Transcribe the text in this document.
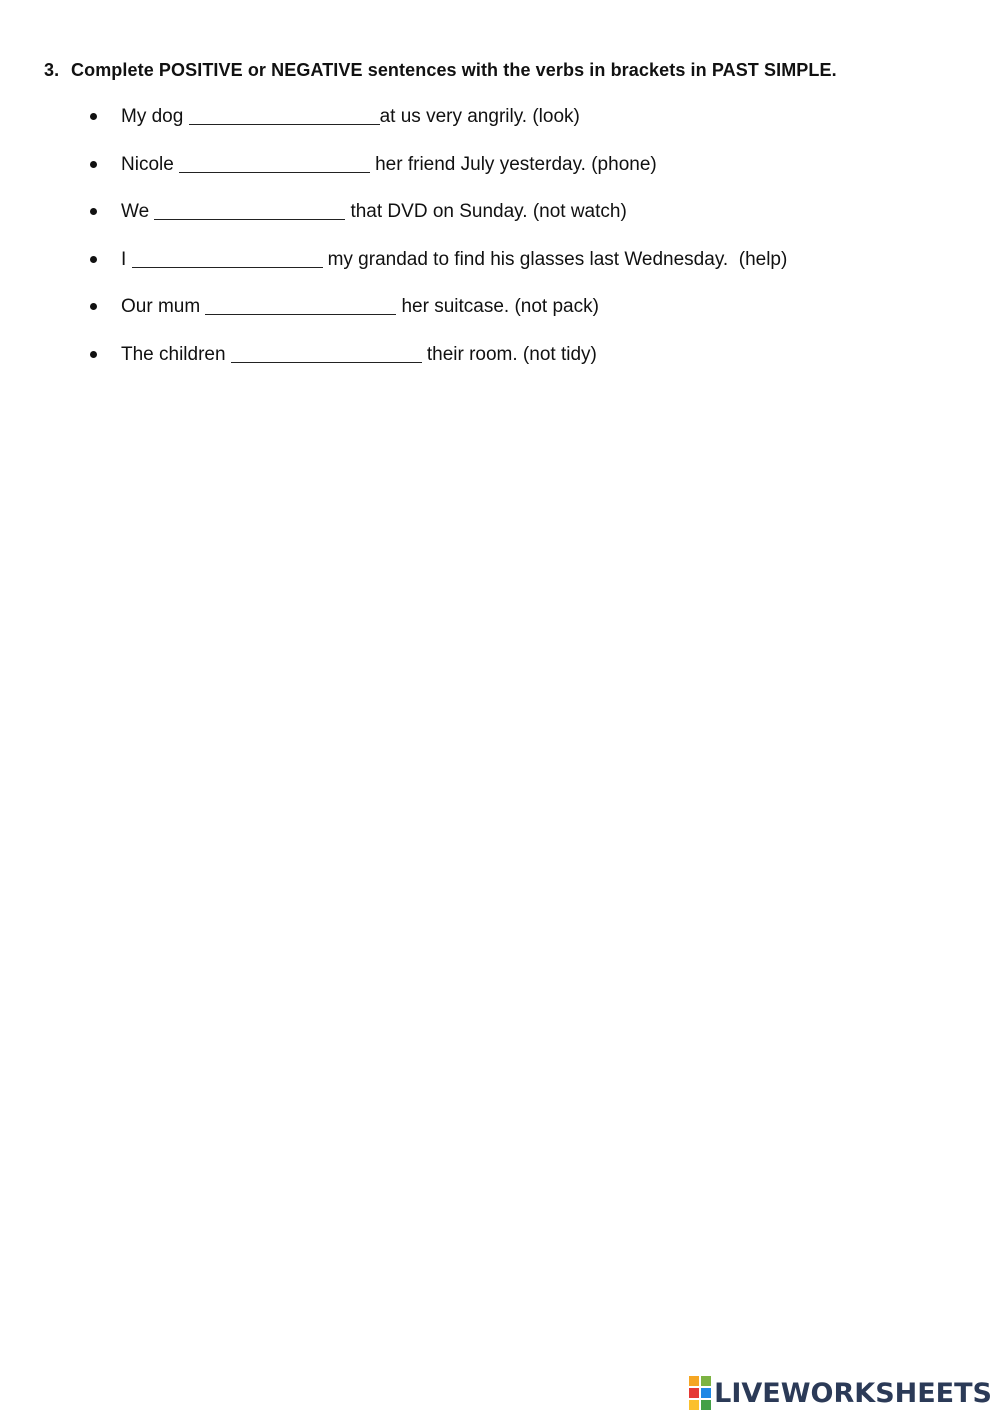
3. Complete POSITIVE or NEGATIVE sentences with the verbs in brackets in PAST SIMPLE.
My dog	at us very angrily. (look)
Nicole	her friend July yesterday. (phone)
We	that DVD on Sunday. (not watch)
I	my grandad to find his glasses last Wednesday.  (help)
Our mum	her suitcase. (not pack)
The children	their room. (not tidy)
LIVEWORKSHEETS
